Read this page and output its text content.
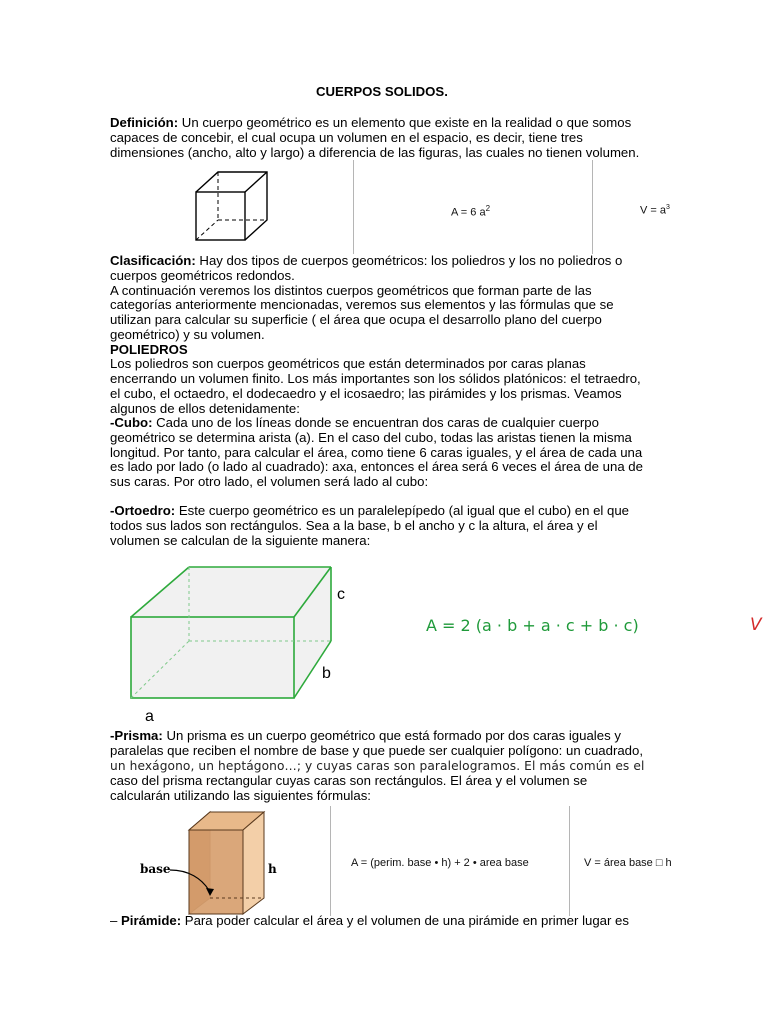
CUERPOS SOLIDOS.
Definición: Un cuerpo geométrico es un elemento que existe en la realidad o que somos
capaces de concebir, el cual ocupa un volumen en el espacio, es decir, tiene tres
dimensiones (ancho, alto y largo) a diferencia de las figuras, las cuales no tienen volumen.
A = 6 $a^2$	$V = a^3$
Clasificación: Hay dos tipos de cuerpos geométricos: los poliedros y los no poliedros o
cuerpos geométricos redondos.
A continuación veremos los distintos cuerpos geométricos que forman parte de las
categorías anteriormente mencionadas, veremos sus elementos y las fórmulas que se
utilizan para calcular su superficie ( el área que ocupa el desarrollo plano del cuerpo
geométrico) y su volumen.
POLIEDROS
Los poliedros son cuerpos geométricos que están determinados por caras planas
encerrando un volumen finito. Los más importantes son los sólidos platónicos: el tetraedro,
el cubo, el octaedro, el dodecaedro y el icosaedro; las pirámides y los prismas. Veamos
algunos de ellos detenidamente:
-Cubo: Cada uno de los líneas donde se encuentran dos caras de cualquier cuerpo
geométrico se determina arista (a). En el caso del cubo, todas las aristas tienen la misma
longitud. Por tanto, para calcular el área, como tiene 6 caras iguales, y el área de cada una
es lado por lado (o lado al cuadrado): axa, entonces el área será 6 veces el área de una de
sus caras. Por otro lado, el volumen será lado al cubo:
-Ortoedro: Este cuerpo geométrico es un paralelepípedo (al igual que el cubo) en el que
todos sus lados son rectángulos. Sea a la base, b el ancho y c la altura, el área y el
volumen se calculan de la siguiente manera:
c
b
a
A = 2 (a · b + a · c + b · c)	V
-Prisma: Un prisma es un cuerpo geométrico que está formado por dos caras iguales y
paralelas que reciben el nombre de base y que puede ser cualquier polígono: un cuadrado,
un hexágono, un heptágono…; y cuyas caras son paralelogramos. El más común es el
caso del prisma rectangular cuyas caras son rectángulos. El área y el volumen se
calcularán utilizando las siguientes fórmulas:
base	h	A = (perim. base • h) + 2 • area base	V = área base □ h
– Pirámide: Para poder calcular el área y el volumen de una pirámide en primer lugar es
